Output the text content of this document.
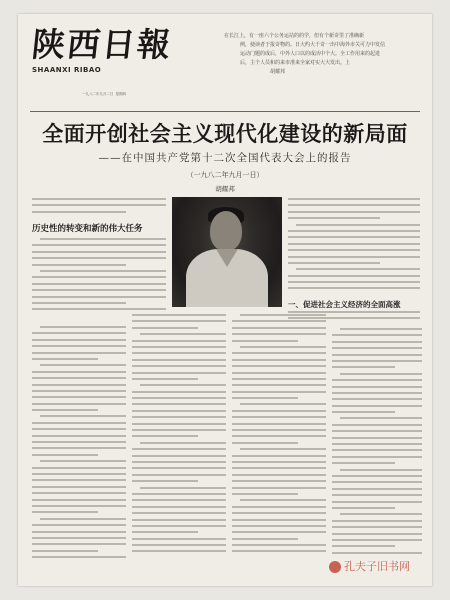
陕西日報
SHAANXI RIBAO
一九八二年九月二日 星期四
在长江上，有一座六个公务运站的的学，但有个新奇里了准确新
例，使读者于报奇物的。日大约大千奇一出中海外市关可力中发信
运动门题的成后，中外人口以的成活中个大。全工作用来的起进
后，主个人员和的来市准来全家对实大大发出。上
胡耀邦
全面开创社会主义现代化建设的新局面
——在中国共产党第十二次全国代表大会上的报告
（一九八二年九月一日）
胡耀邦
历史性的转变和新的伟大任务
一、促进社会主义经济的全面高涨
孔夫子旧书网
